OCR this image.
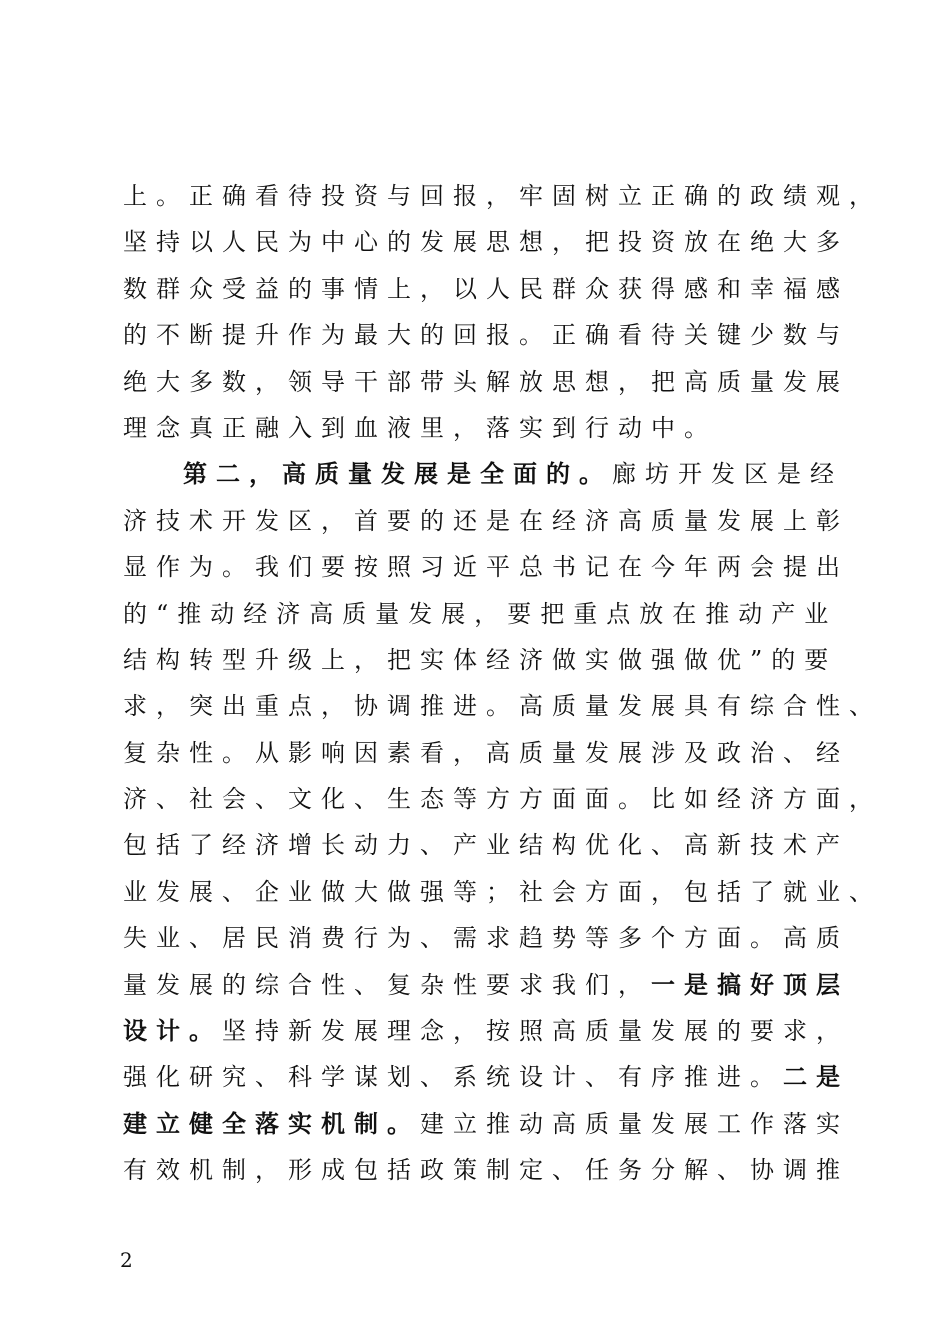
上。正确看待投资与回报，牢固树立正确的政绩观，
坚持以人民为中心的发展思想，把投资放在绝大多
数群众受益的事情上，以人民群众获得感和幸福感
的不断提升作为最大的回报。正确看待关键少数与
绝大多数，领导干部带头解放思想，把高质量发展
理念真正融入到血液里，落实到行动中。
第二，高质量发展是全面的。廊坊开发区是经
济技术开发区，首要的还是在经济高质量发展上彰
显作为。我们要按照习近平总书记在今年两会提出
的“推动经济高质量发展，要把重点放在推动产业
结构转型升级上，把实体经济做实做强做优”的要
求，突出重点，协调推进。高质量发展具有综合性、
复杂性。从影响因素看，高质量发展涉及政治、经
济、社会、文化、生态等方方面面。比如经济方面，
包括了经济增长动力、产业结构优化、高新技术产
业发展、企业做大做强等；社会方面，包括了就业、
失业、居民消费行为、需求趋势等多个方面。高质
量发展的综合性、复杂性要求我们，一是搞好顶层
设计。坚持新发展理念，按照高质量发展的要求，
强化研究、科学谋划、系统设计、有序推进。二是
建立健全落实机制。建立推动高质量发展工作落实
有效机制，形成包括政策制定、任务分解、协调推
2
